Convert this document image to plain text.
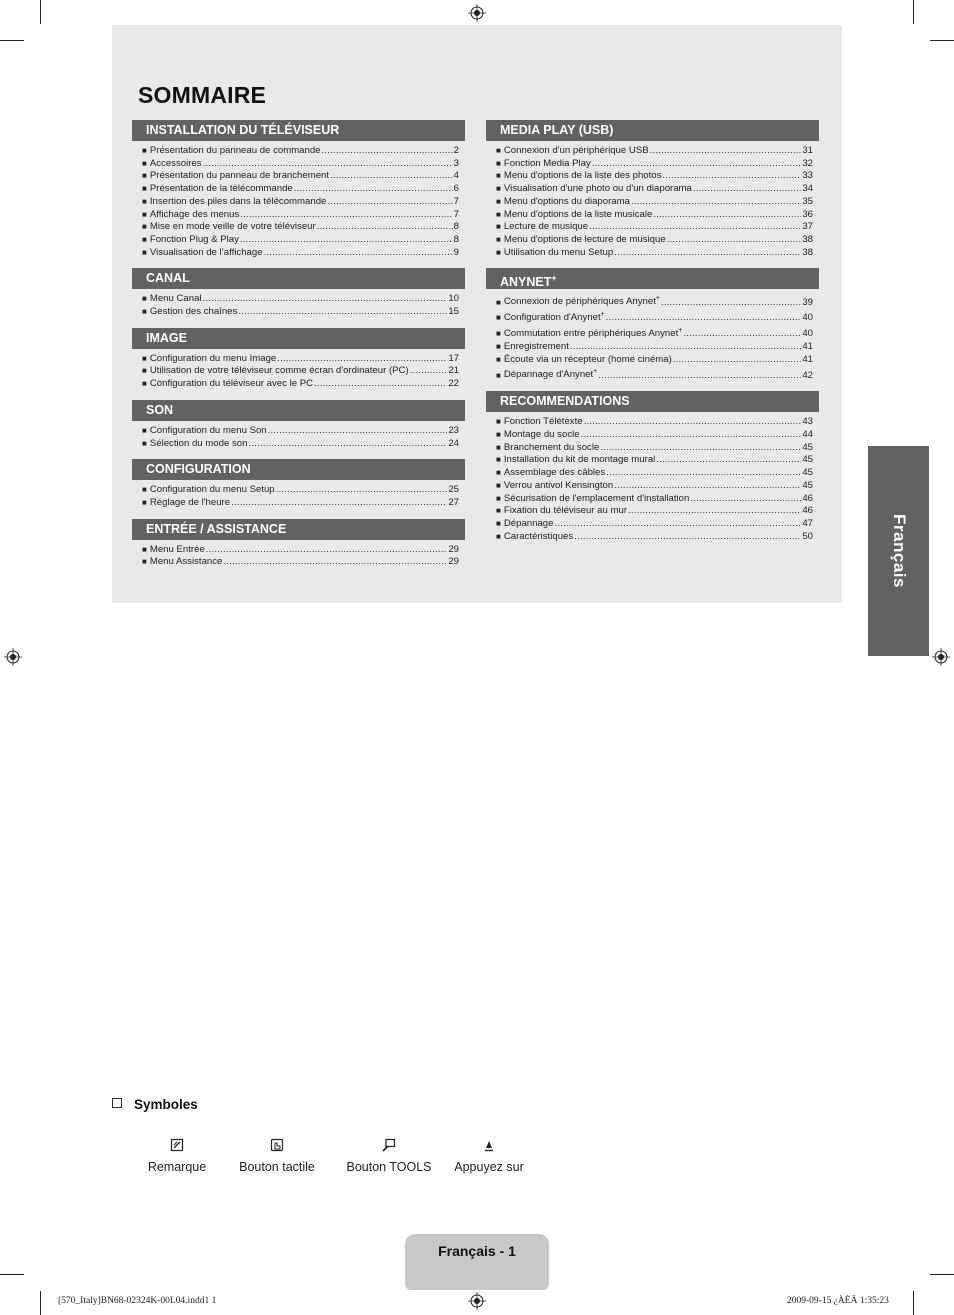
SOMMAIRE
INSTALLATION DU TÉLÉVISEUR
■ Présentation du panneau de commande .....	2
■ Accessoires .....	3
■ Présentation du panneau de branchement .....	4
■ Présentation de la télécommande .....	6
■ Insertion des piles dans la télécommande .....	7
■ Affichage des menus .....	7
■ Mise en mode veille de votre téléviseur .....	8
■ Fonction Plug & Play .....	8
■ Visualisation de l’affichage .....	9
CANAL
■ Menu Canal .....	10
■ Gestion des chaînes .....	15
IMAGE
■ Configuration du menu Image .....	17
■ Utilisation de votre téléviseur comme écran d'ordinateur (PC) .....	21
■ Configuration du téléviseur avec le PC .....	22
SON
■ Configuration du menu Son .....	23
■ Sélection du mode son .....	24
CONFIGURATION
■ Configuration du menu Setup .....	25
■ Réglage de l'heure .....	27
ENTRÉE / ASSISTANCE
■ Menu Entrée .....	29
■ Menu Assistance .....	29
MEDIA PLAY (USB)
■ Connexion d'un périphérique USB .....	31
■ Fonction Media Play .....	32
■ Menu d'options de la liste des photos .....	33
■ Visualisation d'une photo ou d'un diaporama .....	34
■ Menu d'options du diaporama .....	35
■ Menu d'options de la liste musicale .....	36
■ Lecture de musique .....	37
■ Menu d'options de lecture de musique .....	38
■ Utilisation du menu Setup .....	38
ANYNET+
■ Connexion de périphériques Anynet+ .....	39
■ Configuration d'Anynet+ .....	40
■ Commutation entre périphériques Anynet+ .....	40
■ Enregistrement .....	41
■ Écoute via un récepteur (home cinéma) .....	41
■ Dépannage d'Anynet+ .....	42
RECOMMENDATIONS
■ Fonction Télétexte .....	43
■ Montage du socle .....	44
■ Branchement du socle .....	45
■ Installation du kit de montage mural .....	45
■ Assemblage des câbles .....	45
■ Verrou antivol Kensington .....	45
■ Sécurisation de l'emplacement d'installation .....	46
■ Fixation du téléviseur au mur .....	46
■ Dépannage .....	47
■ Caractéristiques .....	50	Français
Symboles
Remarque	Bouton tactile	Bouton TOOLS Appuyez sur
Français - 1
[570_Italy]BN68-02324K-00L04.indd1 1	2009-09-15 ¿ÀÈÄ 1:35:23
